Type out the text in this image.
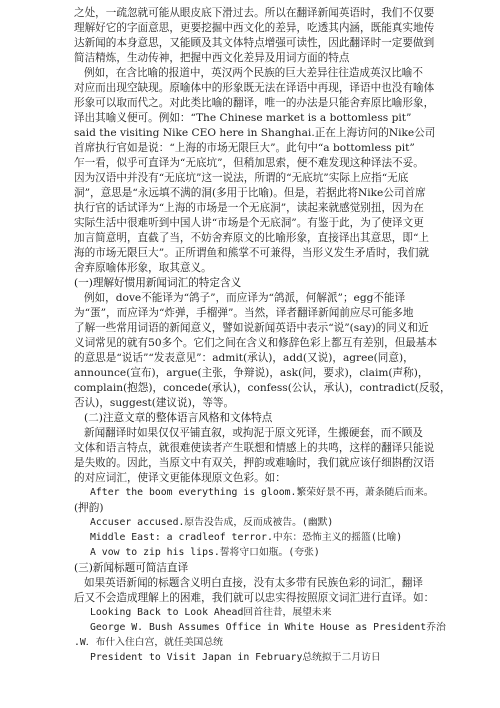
之处，一疏忽就可能从眼皮底下滑过去。所以在翻译新闻英语时，我们不仅要
理解好它的字面意思，更要挖掘中西文化的差异，吃透其内涵，既能真实地传
达新闻的本身意思，又能顾及其文体特点增强可读性，因此翻译时一定要做到
简洁精炼，生动传神，把握中西文化差异及用词方面的特点
例如，在含比喻的报道中，英汉两个民族的巨大差异往往造成英汉比喻不
对应而出现空缺现。原喻体中的形象既无法在译语中再现，译语中也没有喻体
形象可以取而代之。对此类比喻的翻译，唯一的办法是只能舍弃原比喻形象，
译出其喻义便可。例如：“The Chinese market is a bottomless pit”
said the visiting Nike CEO here in Shanghai.正在上海访问的Nike公司
首席执行官如是说：“上海的市场无限巨大”。此句中“a bottomless pit”
乍一看，似乎可直译为“无底坑”，但稍加思索，便不难发现这种译法不妥。
因为汉语中并没有“无底坑”这一说法，所谓的“无底坑”实际上应指“无底
洞”，意思是“永远填不满的洞(多用于比喻)。但是，若据此将Nike公司首席
执行官的话试译为“上海的市场是一个无底洞”，读起来就感觉别扭，因为在
实际生活中很难听到中国人讲“市场是个无底洞”。有鉴于此，为了使译文更
加言简意明，直截了当，不妨舍弃原文的比喻形象，直接译出其意思，即“上
海的市场无限巨大”。正所谓鱼和熊掌不可兼得，当形义发生矛盾时，我们就
舍弃原喻体形象，取其意义。
(一)理解好惯用新闻词汇的特定含义
例如，dove不能译为“鸽子”，而应译为“鸽派，何解派”；egg不能译
为“蛋”，而应译为“炸弹，手榴弹”。当然，译者翻译新闻前应尽可能多地
了解一些常用词语的新闻意义，譬如说新闻英语中表示“说”(say)的同义和近
义词常见的就有50多个。它们之间在含义和修辞色彩上都互有差别，但最基本
的意思是“说话”“发表意见”：admit(承认)，add(又说)，agree(同意)，
announce(宣布)，argue(主张，争辩说)，ask(问，要求)，claim(声称)，
complain(抱怨)，concede(承认)，confess(公认，承认)，contradict(反驳，
否认)，suggest(建议说)，等等。
(二)注意文章的整体语言风格和文体特点
新闻翻译时如果仅仅平铺直叙，或拘泥于原文死译，生搬硬套，而不顾及
文体和语言特点，就很难使读者产生联想和情感上的共鸣，这样的翻译只能说
是失败的。因此，当原文中有双关，押韵或难喻时，我们就应该仔细斟酌汉语
的对应词汇，使译文更能体现原文色彩。如：
After the boom everything is gloom.繁荣好景不再，萧条随后而来。
(押韵)
Accuser accused.原告没告成，反而成被告。(幽默)
Middle East: a cradleof terror.中东：恐怖主义的摇篮(比喻)
A vow to zip his lips.誓将守口如瓶。(夸张)
(三)新闻标题可简洁直译
如果英语新闻的标题含义明白直接，没有太多带有民族色彩的词汇，翻译
后又不会造成理解上的困难，我们就可以忠实得按照原文词汇进行直译。如：
Looking Back to Look Ahead回首往昔，展望未来
George W. Bush Assumes Office in White House as President乔治
.W．布什入住白宫，就任美国总统
President to Visit Japan in February总统拟于二月访日
